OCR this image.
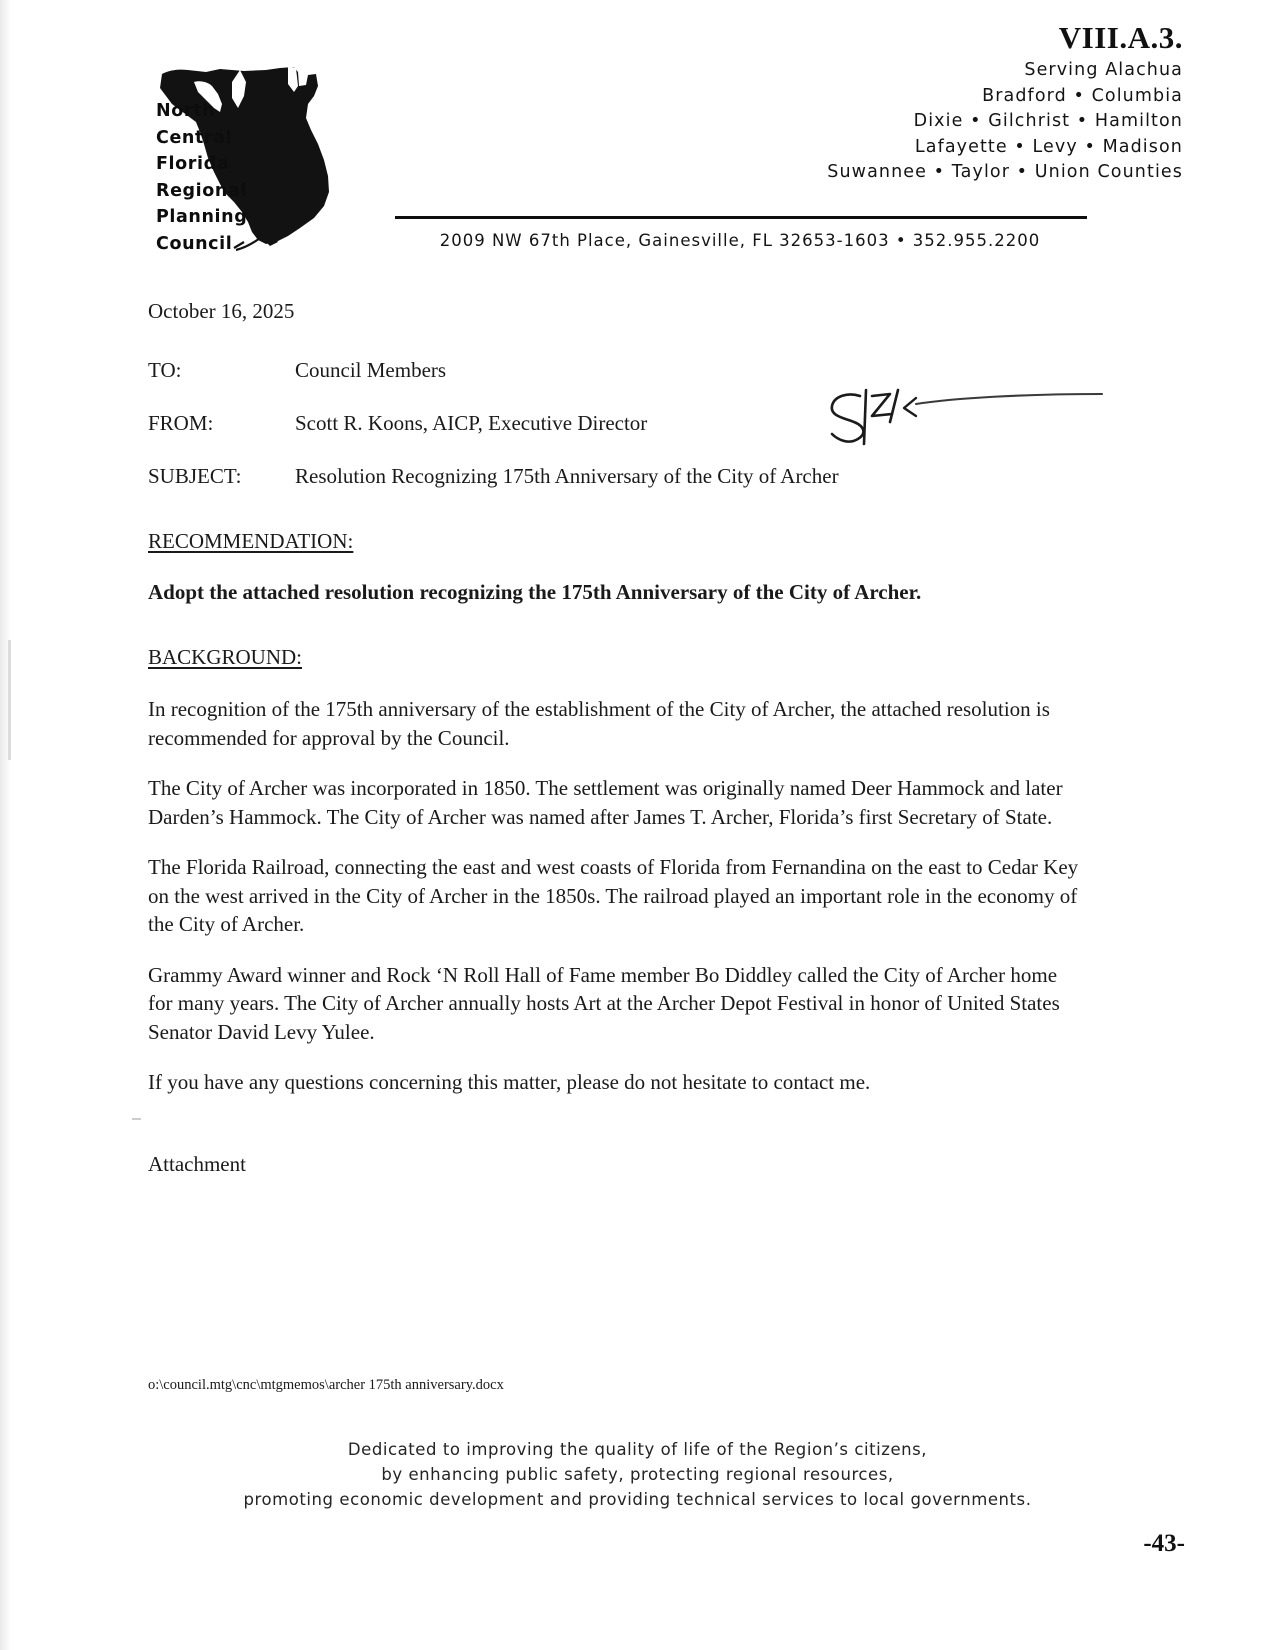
VIII.A.3.
North
Central
Florida
Regional
Planning
Council
Serving Alachua
Bradford • Columbia
Dixie • Gilchrist • Hamilton
Lafayette • Levy • Madison
Suwannee • Taylor • Union Counties
2009 NW 67th Place, Gainesville, FL 32653-1603 • 352.955.2200
October 16, 2025
TO:	Council Members
FROM:	Scott R. Koons, AICP, Executive Director
SUBJECT:	Resolution Recognizing 175th Anniversary of the City of Archer
RECOMMENDATION:
Adopt the attached resolution recognizing the 175th Anniversary of the City of Archer.
BACKGROUND:
In recognition of the 175th anniversary of the establishment of the City of Archer, the attached resolution is recommended for approval by the Council.
The City of Archer was incorporated in 1850. The settlement was originally named Deer Hammock and later Darden’s Hammock. The City of Archer was named after James T. Archer, Florida’s first Secretary of State.
The Florida Railroad, connecting the east and west coasts of Florida from Fernandina on the east to Cedar Key on the west arrived in the City of Archer in the 1850s. The railroad played an important role in the economy of the City of Archer.
Grammy Award winner and Rock ‘N Roll Hall of Fame member Bo Diddley called the City of Archer home for many years. The City of Archer annually hosts Art at the Archer Depot Festival in honor of United States Senator David Levy Yulee.
If you have any questions concerning this matter, please do not hesitate to contact me.
Attachment
o:\council.mtg\cnc\mtgmemos\archer 175th anniversary.docx
Dedicated to improving the quality of life of the Region’s citizens,
by enhancing public safety, protecting regional resources,
promoting economic development and providing technical services to local governments.
-43-
